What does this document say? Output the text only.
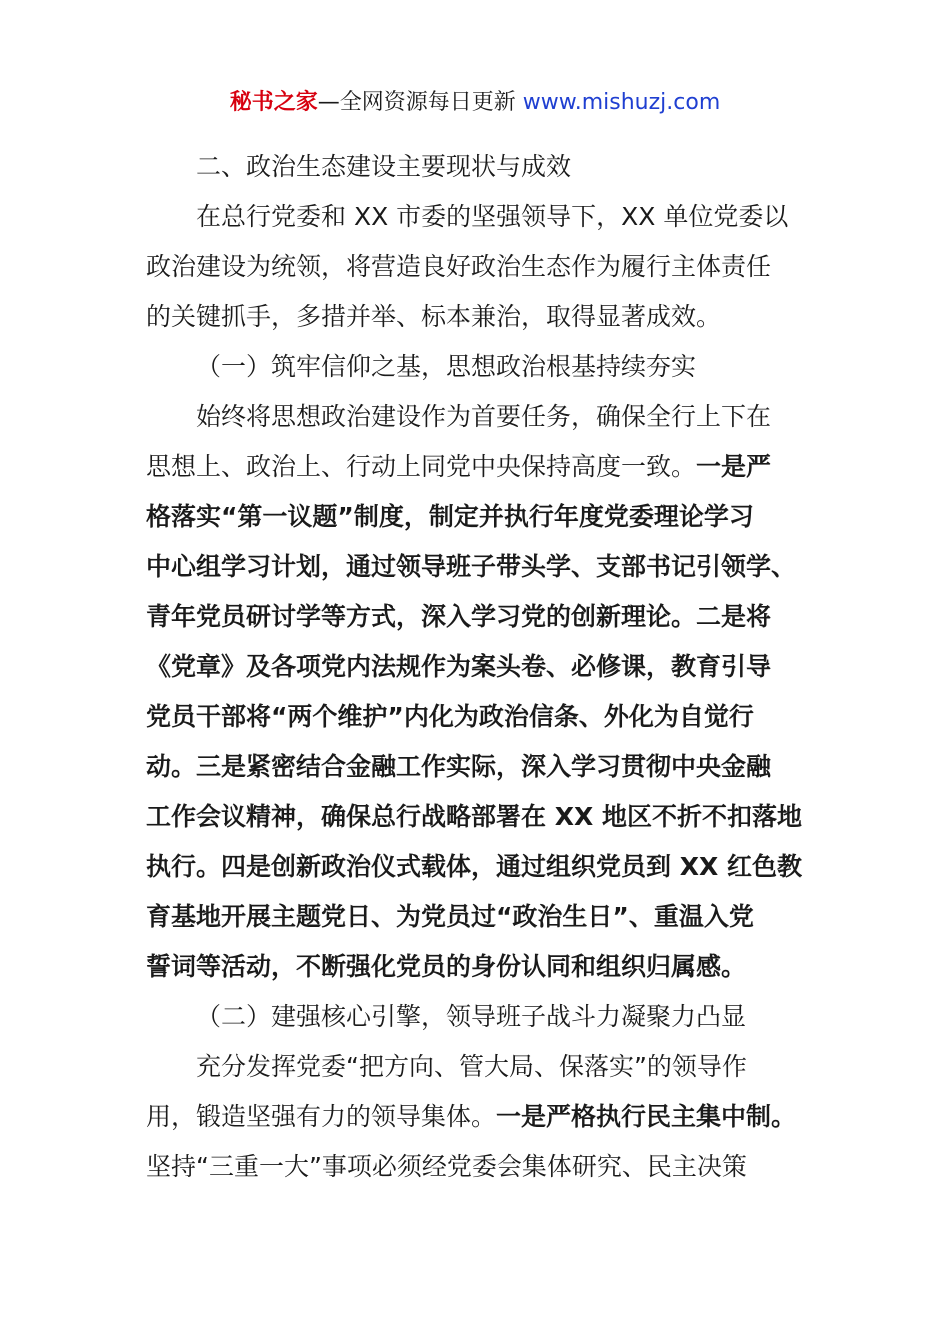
秘书之家—全网资源每日更新 www.mishuzj.com
二、政治生态建设主要现状与成效
在总行党委和 XX 市委的坚强领导下，XX 单位党委以
政治建设为统领，将营造良好政治生态作为履行主体责任
的关键抓手，多措并举、标本兼治，取得显著成效。
（一）筑牢信仰之基，思想政治根基持续夯实
始终将思想政治建设作为首要任务，确保全行上下在
思想上、政治上、行动上同党中央保持高度一致。一是严
格落实“第一议题”制度，制定并执行年度党委理论学习
中心组学习计划，通过领导班子带头学、支部书记引领学、
青年党员研讨学等方式，深入学习党的创新理论。二是将
《党章》及各项党内法规作为案头卷、必修课，教育引导
党员干部将“两个维护”内化为政治信条、外化为自觉行
动。三是紧密结合金融工作实际，深入学习贯彻中央金融
工作会议精神，确保总行战略部署在 XX 地区不折不扣落地
执行。四是创新政治仪式载体，通过组织党员到 XX 红色教
育基地开展主题党日、为党员过“政治生日”、重温入党
誓词等活动，不断强化党员的身份认同和组织归属感。
（二）建强核心引擎，领导班子战斗力凝聚力凸显
充分发挥党委“把方向、管大局、保落实”的领导作
用，锻造坚强有力的领导集体。一是严格执行民主集中制。
坚持“三重一大”事项必须经党委会集体研究、民主决策
